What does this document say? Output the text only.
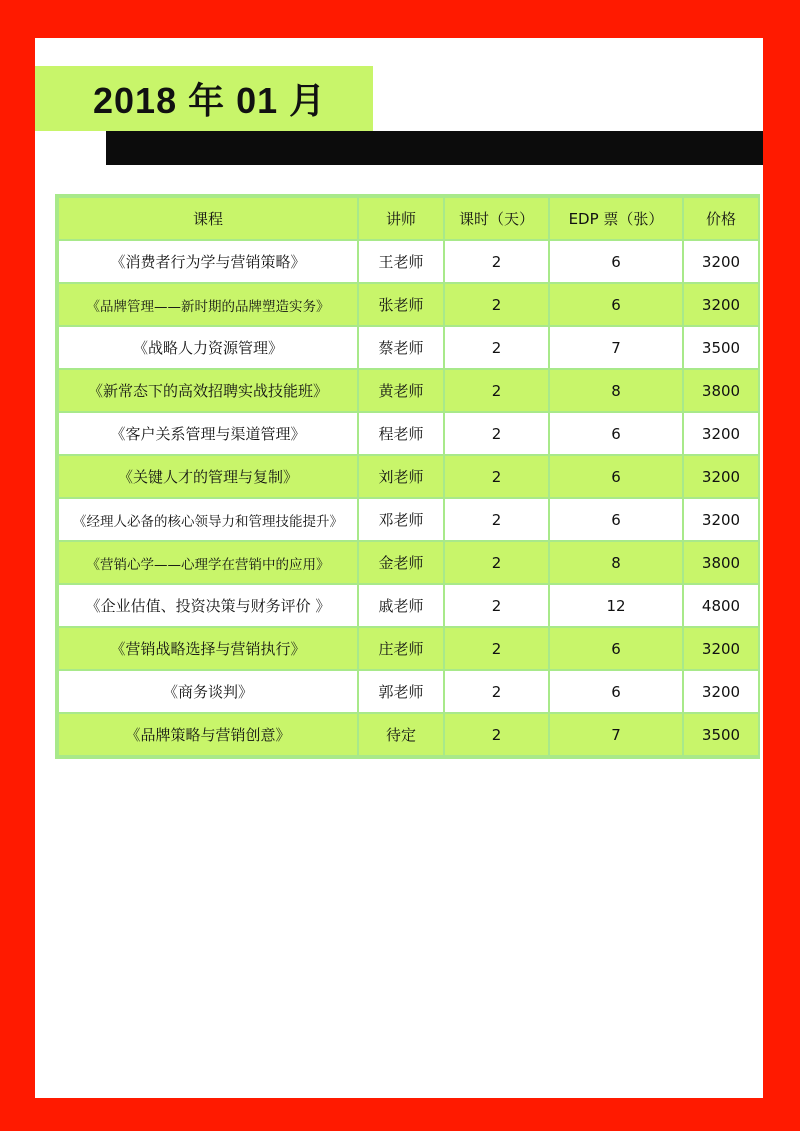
2018 年 01 月
课程	讲师	课时（天）	EDP 票（张）	价格
《消费者行为学与营销策略》	王老师	2	6	3200
《品牌管理——新时期的品牌塑造实务》	张老师	2	6	3200
《战略人力资源管理》	蔡老师	2	7	3500
《新常态下的高效招聘实战技能班》	黄老师	2	8	3800
《客户关系管理与渠道管理》	程老师	2	6	3200
《关键人才的管理与复制》	刘老师	2	6	3200
《经理人必备的核心领导力和管理技能提升》	邓老师	2	6	3200
《营销心学——心理学在营销中的应用》	金老师	2	8	3800
《企业估值、投资决策与财务评价 》	戚老师	2	12	4800
《营销战略选择与营销执行》	庄老师	2	6	3200
《商务谈判》	郭老师	2	6	3200
《品牌策略与营销创意》	待定	2	7	3500
